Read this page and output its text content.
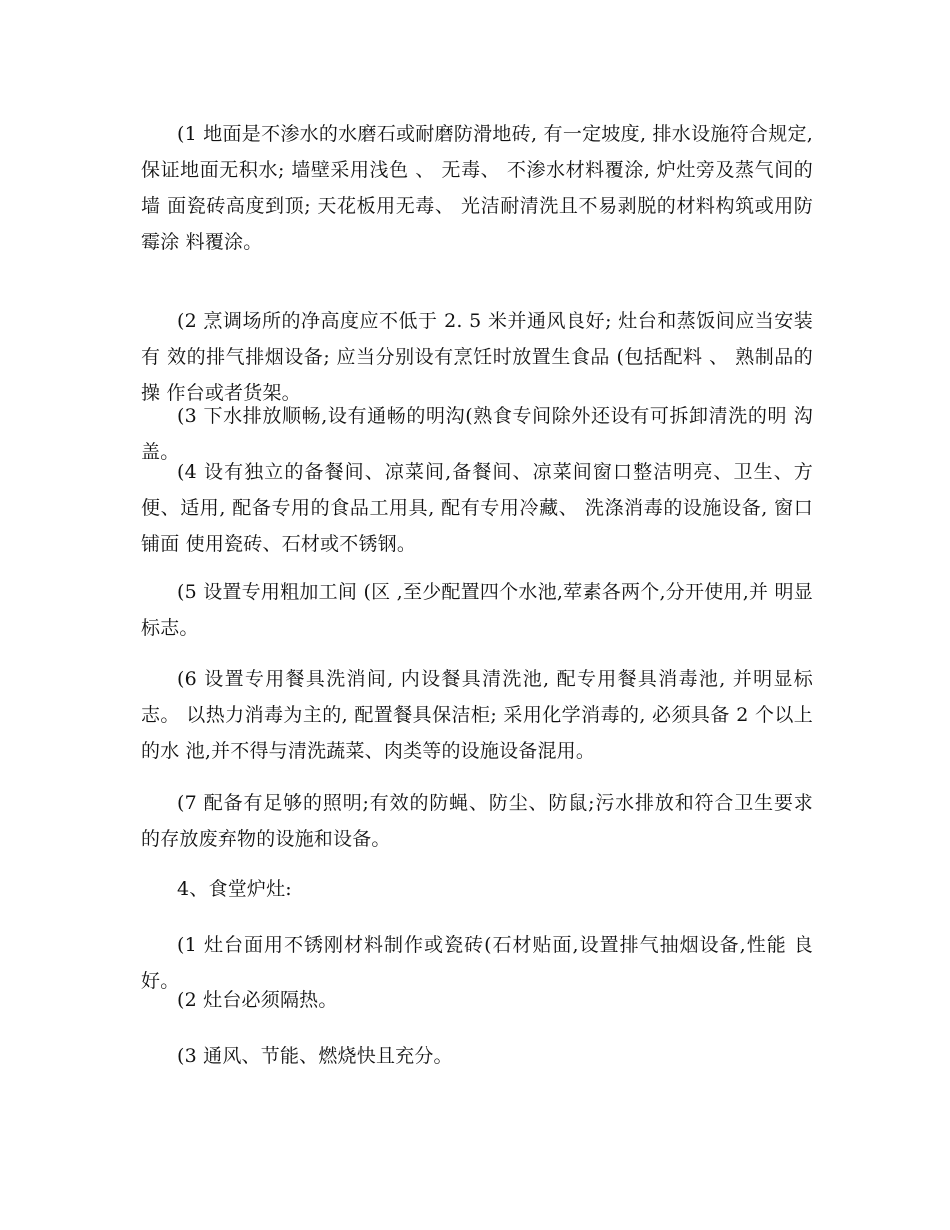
(1 地面是不渗水的水磨石或耐磨防滑地砖, 有一定坡度, 排水设施符合规定, 保证地面无积水; 墙壁采用浅色 、 无毒、 不渗水材料覆涂, 炉灶旁及蒸气间的墙 面瓷砖高度到顶; 天花板用无毒、 光洁耐清洗且不易剥脱的材料构筑或用防霉涂 料覆涂。

(2 烹调场所的净高度应不低于 2. 5 米并通风良好; 灶台和蒸饭间应当安装有 效的排气排烟设备; 应当分别设有烹饪时放置生食品 (包括配料 、 熟制品的操 作台或者货架。

(3 下水排放顺畅,设有通畅的明沟(熟食专间除外还设有可拆卸清洗的明 沟盖。

(4 设有独立的备餐间、凉菜间,备餐间、凉菜间窗口整洁明亮、卫生、方便、适用, 配备专用的食品工用具, 配有专用冷藏、 洗涤消毒的设施设备, 窗口铺面 使用瓷砖、石材或不锈钢。

(5 设置专用粗加工间 (区 ,至少配置四个水池,荤素各两个,分开使用,并 明显标志。

(6 设置专用餐具洗消间, 内设餐具清洗池, 配专用餐具消毒池, 并明显标志。 以热力消毒为主的, 配置餐具保洁柜; 采用化学消毒的, 必须具备 2 个以上的水 池,并不得与清洗蔬菜、肉类等的设施设备混用。

(7 配备有足够的照明;有效的防蝇、防尘、防鼠;污水排放和符合卫生要求 的存放废弃物的设施和设备。

4、食堂炉灶:

(1 灶台面用不锈刚材料制作或瓷砖(石材贴面,设置排气抽烟设备,性能 良好。

(2 灶台必须隔热。

(3 通风、节能、燃烧快且充分。
